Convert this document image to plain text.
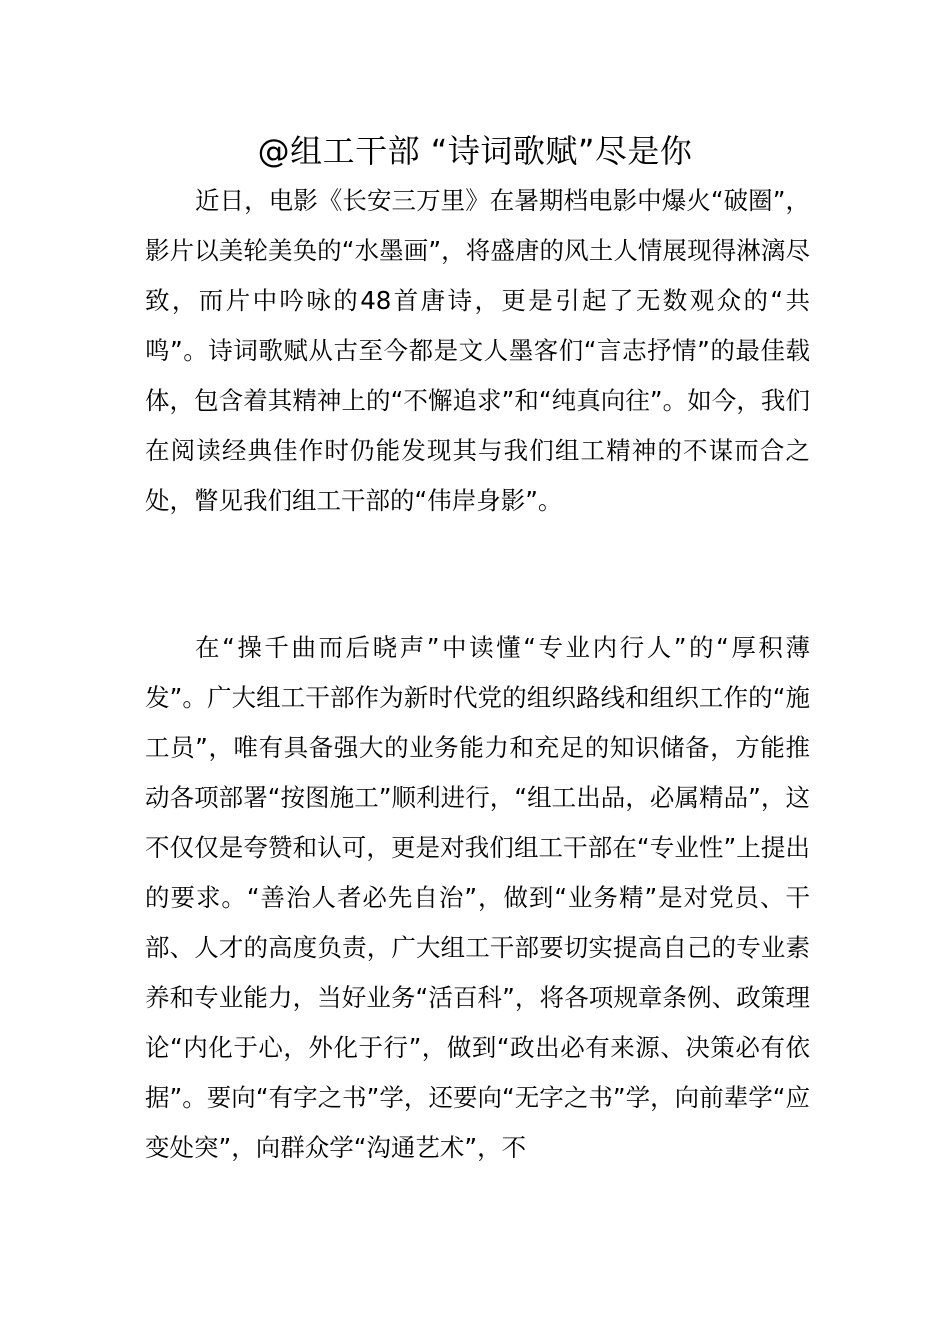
@组工干部 “诗词歌赋”尽是你

近日，电影《长安三万里》在暑期档电影中爆火“破圈”，影片以美轮美奂的“水墨画”，将盛唐的风土人情展现得淋漓尽致，而片中吟咏的48首唐诗，更是引起了无数观众的“共鸣”。诗词歌赋从古至今都是文人墨客们“言志抒情”的最佳载体，包含着其精神上的“不懈追求”和“纯真向往”。如今，我们在阅读经典佳作时仍能发现其与我们组工精神的不谋而合之处，瞥见我们组工干部的“伟岸身影”。

在“操千曲而后晓声”中读懂“专业内行人”的“厚积薄发”。广大组工干部作为新时代党的组织路线和组织工作的“施工员”，唯有具备强大的业务能力和充足的知识储备，方能推动各项部署“按图施工”顺利进行，“组工出品，必属精品”，这不仅仅是夸赞和认可，更是对我们组工干部在“专业性”上提出的要求。“善治人者必先自治”，做到“业务精”是对党员、干部、人才的高度负责，广大组工干部要切实提高自己的专业素养和专业能力，当好业务“活百科”，将各项规章条例、政策理论“内化于心，外化于行”，做到“政出必有来源、决策必有依据”。要向“有字之书”学，还要向“无字之书”学，向前辈学“应变处突”，向群众学“沟通艺术”，不
